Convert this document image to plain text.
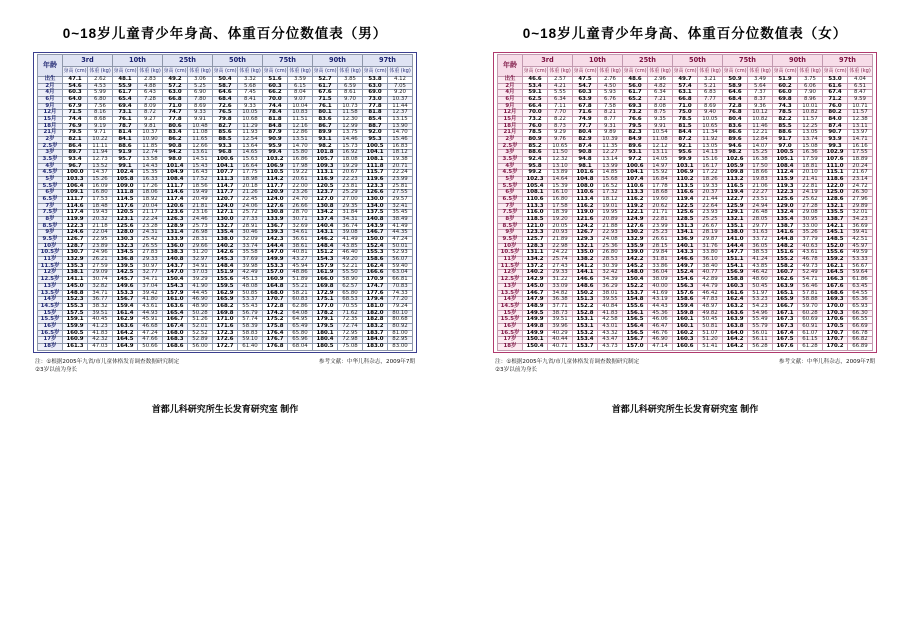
0~18岁儿童青少年身高、体重百分位数值表（男）
年龄	3rd		10th		25th		50th		75th		90th		97th	
	身高 (cm)	体重 (kg)	身高 (cm)	体重 (kg)	身高 (cm)	体重 (kg)	身高 (cm)	体重 (kg)	身高 (cm)	体重 (kg)	身高 (cm)	体重 (kg)	身高 (cm)	体重 (kg)
出生	47.1	2.62	48.1	2.83	49.2	3.06	50.4	3.32	51.6	3.59	52.7	3.85	53.8	4.12
2月	54.6	4.53	55.9	4.88	57.2	5.25	58.7	5.68	60.3	6.15	61.7	6.59	63.0	7.05
4月	60.3	5.99	61.7	6.43	63.0	6.90	64.6	7.45	66.2	8.04	67.6	8.61	69.0	9.20
6月	64.0	6.80	65.4	7.28	66.8	7.80	68.4	8.41	70.0	9.07	71.5	9.70	73.0	10.37
9月	67.9	7.56	69.4	8.09	71.0	8.69	72.6	9.33	74.4	10.04	76.1	10.73	77.8	11.44
12月	71.5	8.16	73.1	8.72	74.7	9.33	76.5	10.05	78.4	10.83	80.1	11.58	81.8	12.37
15月	74.4	8.68	76.1	9.27	77.8	9.91	79.8	10.68	81.8	11.51	83.6	12.30	85.4	13.15
18月	76.9	9.19	78.7	9.81	80.6	10.48	82.7	11.29	84.8	12.16	86.7	12.99	88.7	13.90
21月	79.5	9.71	81.4	10.37	83.4	11.08	85.6	11.93	87.9	12.86	89.9	13.75	92.0	14.70
2岁	82.1	10.22	84.1	10.90	86.2	11.65	88.5	12.54	90.9	13.51	93.1	14.46	95.3	15.46
2.5岁	86.4	11.11	88.6	11.85	90.8	12.66	93.3	13.64	95.9	14.70	98.2	15.73	100.5	16.83
3岁	89.7	11.94	91.9	12.74	94.2	13.61	96.8	14.65	99.4	15.80	101.8	16.92	104.1	18.12
3.5岁	93.4	12.73	95.7	13.58	98.0	14.51	100.6	15.63	103.2	16.86	105.7	18.08	108.1	19.38
4岁	96.7	13.52	99.1	14.43	101.4	15.43	104.1	16.64	106.9	17.98	109.3	19.29	111.8	20.71
4.5岁	100.0	14.37	102.4	15.35	104.9	16.43	107.7	17.75	110.5	19.22	113.1	20.67	115.7	22.24
5岁	103.3	15.26	105.8	16.33	108.4	17.52	111.3	18.98	114.2	20.61	116.9	22.23	119.6	23.99
5.5岁	106.4	16.09	109.0	17.26	111.7	18.56	114.7	20.18	117.7	22.00	120.5	23.81	123.3	25.81
6岁	109.1	16.80	111.8	18.06	114.6	19.49	117.7	21.26	120.9	23.26	123.7	25.29	126.6	27.55
6.5岁	111.7	17.53	114.5	18.92	117.4	20.49	120.7	22.45	124.0	24.70	127.0	27.00	130.0	29.57
7岁	114.6	18.48	117.6	20.04	120.6	21.81	124.0	24.06	127.6	26.66	130.8	29.35	134.0	32.41
7.5岁	117.4	19.43	120.5	21.17	123.6	23.16	127.1	25.72	130.8	28.70	134.2	31.84	137.5	35.45
8岁	119.9	20.32	123.1	22.24	126.3	24.46	130.0	27.33	133.9	30.71	137.4	34.31	140.8	38.49
8.5岁	122.3	21.18	125.6	23.28	128.9	25.73	132.7	28.91	136.7	32.69	140.4	36.74	143.9	41.49
9岁	124.6	22.04	128.0	24.31	131.4	26.98	135.4	30.46	139.3	34.61	143.1	39.08	146.7	44.35
9.5岁	126.7	22.95	130.3	25.42	133.9	28.31	138.0	32.09	142.3	36.61	146.2	41.49	150.0	47.24
10岁	128.7	23.89	132.3	26.55	136.0	29.66	140.2	33.74	144.4	38.61	148.4	43.85	152.4	50.01
10.5岁	130.7	24.96	134.5	27.83	138.3	31.20	142.6	35.58	147.0	40.81	151.2	46.40	155.3	52.93
11岁	132.9	26.21	136.8	29.33	140.8	32.97	145.3	37.69	149.9	43.27	154.3	49.20	158.6	56.07
11.5岁	135.3	27.59	139.5	30.97	143.7	34.91	148.4	39.98	153.3	45.94	157.9	52.21	162.4	59.40
12岁	138.1	29.09	142.5	32.77	147.0	37.03	151.9	42.49	157.0	48.86	161.9	55.50	166.6	63.04
12.5岁	141.1	30.74	145.7	34.71	150.4	39.29	155.6	45.13	160.9	51.89	166.0	58.90	170.9	66.81
13岁	145.0	32.82	149.6	37.04	154.3	41.90	159.5	48.08	164.8	55.21	169.8	62.57	174.7	70.83
13.5岁	148.8	34.71	153.3	39.42	157.9	44.45	162.9	50.85	168.0	58.21	172.9	65.80	177.6	74.33
14岁	152.3	36.77	156.7	41.80	161.0	46.90	165.9	53.37	170.7	60.83	175.1	68.53	179.4	77.20
14.5岁	155.3	38.32	159.4	43.61	163.6	48.90	168.2	55.43	172.8	62.86	177.0	70.55	181.0	79.24
15岁	157.5	39.51	161.4	44.93	165.4	50.28	169.8	56.79	174.2	64.08	178.2	71.62	182.0	80.10
15.5岁	159.1	40.45	162.9	45.91	166.7	51.26	171.0	57.74	175.2	64.95	179.1	72.35	182.8	80.68
16岁	159.9	41.23	163.6	46.68	167.4	52.01	171.6	58.39	175.8	65.49	179.5	72.74	183.2	80.92
16.5岁	160.5	41.83	164.2	47.24	168.0	52.52	172.3	58.83	176.4	65.80	180.1	72.95	183.7	81.00
17岁	160.9	42.32	164.5	47.66	168.3	52.89	172.6	59.10	176.7	65.96	180.4	72.98	184.0	82.95
18岁	161.3	47.03	164.9	50.66	168.6	56.00	172.7	61.40	176.8	68.04	180.5	75.08	183.0	83.00
注：①根据2005年九省/市儿童体格发育调查数据研究制定	参考文献：中华儿科杂志，2009年7期
②3岁以前为身长
首都儿科研究所生长发育研究室 制作
0~18岁儿童青少年身高、体重百分位数值表（女）
年龄	3rd		10th		25th		50th		75th		90th		97th	
	身高 (cm)	体重 (kg)	身高 (cm)	体重 (kg)	身高 (cm)	体重 (kg)	身高 (cm)	体重 (kg)	身高 (cm)	体重 (kg)	身高 (cm)	体重 (kg)	身高 (cm)	体重 (kg)
出生	46.6	2.57	47.5	2.76	48.6	2.96	49.7	3.21	50.9	3.49	51.9	3.75	53.0	4.04
2月	53.4	4.21	54.7	4.50	56.0	4.82	57.4	5.21	58.9	5.64	60.2	6.06	61.6	6.51
4月	59.1	5.55	60.3	5.93	61.7	6.34	63.1	6.83	64.6	7.37	66.0	7.90	67.4	8.47
6月	62.5	6.34	63.9	6.76	65.2	7.21	66.8	7.77	68.4	8.37	69.8	8.96	71.2	9.59
9月	66.4	7.11	67.8	7.58	69.3	8.08	71.0	8.69	72.8	9.36	74.3	10.01	76.0	10.71
12月	70.0	7.70	71.6	8.21	73.2	8.75	75.0	9.40	76.8	10.12	78.5	10.82	80.2	11.57
15月	73.2	8.22	74.9	8.77	76.6	9.35	78.5	10.05	80.4	10.82	82.2	11.57	84.0	12.38
18月	76.0	8.73	77.7	9.31	79.5	9.91	81.5	10.65	83.6	11.46	85.5	12.25	87.4	13.11
21月	78.5	9.29	80.4	9.89	82.3	10.54	84.4	11.34	86.6	12.21	88.6	13.05	90.7	13.97
2岁	80.9	9.76	82.9	10.39	84.9	11.08	87.2	11.92	89.6	12.84	91.7	13.74	93.9	14.71
2.5岁	85.2	10.65	87.4	11.35	89.6	12.12	92.1	13.05	94.6	14.07	97.0	15.08	99.3	16.16
3岁	88.6	11.50	90.8	12.27	93.1	13.11	95.6	14.13	98.2	15.25	100.5	16.36	102.9	17.55
3.5岁	92.4	12.32	94.8	13.14	97.2	14.05	99.9	15.16	102.6	16.38	105.1	17.59	107.6	18.89
4岁	95.8	13.10	98.1	13.99	100.6	14.97	103.1	16.17	105.9	17.50	108.4	18.81	111.0	20.24
4.5岁	99.2	13.89	101.6	14.85	104.1	15.92	106.9	17.22	109.8	18.66	112.4	20.10	115.1	21.67
5岁	102.3	14.64	104.8	15.68	107.4	16.84	110.2	18.26	113.2	19.83	115.9	21.41	118.6	23.14
5.5岁	105.4	15.39	108.0	16.52	110.6	17.78	113.5	19.33	116.5	21.06	119.3	22.81	122.0	24.72
6岁	108.1	16.10	110.6	17.32	113.3	18.68	116.6	20.37	119.4	22.27	122.3	24.19	125.0	26.30
6.5岁	110.6	16.80	113.4	18.12	116.2	19.60	119.4	21.44	122.7	23.51	125.6	25.62	128.6	27.96
7岁	113.3	17.58	116.2	19.01	119.2	20.62	122.5	22.64	125.9	24.94	129.0	27.28	132.1	29.89
7.5岁	116.0	18.39	119.0	19.95	122.1	21.71	125.6	23.93	129.1	26.48	132.4	29.08	135.5	32.01
8岁	118.5	19.20	121.6	20.89	124.9	22.81	128.5	25.25	132.1	28.05	135.4	30.95	138.7	34.23
8.5岁	121.0	20.05	124.2	21.88	127.6	23.99	131.3	26.67	135.1	29.77	138.7	33.00	142.1	36.69
9岁	123.3	20.93	126.7	22.93	130.2	25.23	134.1	28.19	138.0	31.63	141.6	35.26	145.1	39.41
9.5岁	125.7	21.89	129.3	24.08	132.9	26.61	136.9	29.87	141.0	33.72	144.8	37.79	148.5	42.51
10岁	128.3	22.98	132.1	25.36	135.9	28.15	140.1	31.76	144.4	36.05	148.2	40.63	152.0	45.97
10.5岁	131.1	24.22	135.0	26.80	139.0	29.84	143.3	33.80	147.7	38.53	151.6	43.61	155.6	49.59
11岁	134.2	25.74	138.2	28.53	142.2	31.81	146.6	36.10	151.1	41.24	155.2	46.78	159.2	53.33
11.5岁	137.2	27.43	141.2	30.39	145.2	33.86	149.7	38.40	154.1	43.85	158.2	49.73	162.1	56.67
12岁	140.2	29.33	144.1	32.42	148.0	36.04	152.4	40.77	156.9	46.42	160.7	52.49	164.5	59.64
12.5岁	142.9	31.22	146.6	34.39	150.4	38.09	154.6	42.89	158.8	48.60	162.6	54.71	166.3	61.86
13岁	145.0	33.09	148.6	36.29	152.2	40.00	156.3	44.79	160.3	50.45	163.9	56.46	167.6	63.45
13.5岁	146.7	34.82	150.2	38.01	153.7	41.69	157.6	46.42	161.6	51.97	165.1	57.81	168.6	64.55
14岁	147.9	36.38	151.3	39.55	154.8	43.19	158.6	47.83	162.4	53.23	165.9	58.88	169.3	65.36
14.5岁	148.9	37.71	152.2	40.84	155.6	44.43	159.4	48.97	163.2	54.23	166.7	59.70	170.0	65.93
15岁	149.5	38.73	152.8	41.83	156.1	45.36	159.8	49.82	163.6	54.96	167.1	60.28	170.3	66.30
15.5岁	149.9	39.51	153.1	42.58	156.5	46.06	160.1	50.45	163.9	55.49	167.3	60.69	170.6	66.55
16岁	149.8	39.96	153.1	43.01	156.4	46.47	160.1	50.81	163.8	55.79	167.3	60.91	170.5	66.69
16.5岁	149.9	40.29	153.2	43.32	156.5	46.76	160.2	51.07	164.0	56.01	167.4	61.07	170.7	66.78
17岁	150.1	40.44	153.4	43.47	156.7	46.90	160.3	51.20	164.2	56.11	167.5	61.15	170.7	66.82
18岁	150.4	40.71	153.7	43.73	157.0	47.14	160.6	51.41	164.2	56.28	167.6	61.28	170.2	66.89
注：①根据2005年九省/市儿童体格发育调查数据研究制定	参考文献：中华儿科杂志，2009年7期
②3岁以前为身长
首都儿科研究所生长发育研究室 制作
